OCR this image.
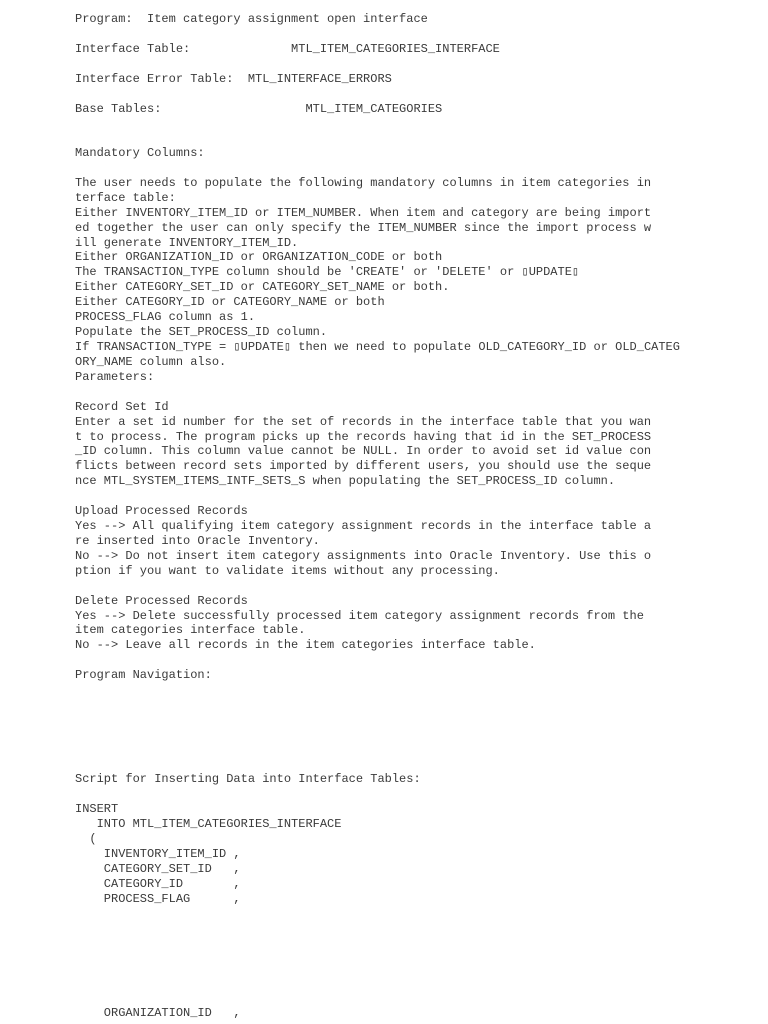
Program:  Item category assignment open interface
Interface Table:              MTL_ITEM_CATEGORIES_INTERFACE
Interface Error Table:  MTL_INTERFACE_ERRORS
Base Tables:                    MTL_ITEM_CATEGORIES
Mandatory Columns:
The user needs to populate the following mandatory columns in item categories in
terface table:
Either INVENTORY_ITEM_ID or ITEM_NUMBER. When item and category are being import
ed together the user can only specify the ITEM_NUMBER since the import process w
ill generate INVENTORY_ITEM_ID.
Either ORGANIZATION_ID or ORGANIZATION_CODE or both
The TRANSACTION_TYPE column should be 'CREATE' or 'DELETE' or ▯UPDATE▯
Either CATEGORY_SET_ID or CATEGORY_SET_NAME or both.
Either CATEGORY_ID or CATEGORY_NAME or both
PROCESS_FLAG column as 1.
Populate the SET_PROCESS_ID column.
If TRANSACTION_TYPE = ▯UPDATE▯ then we need to populate OLD_CATEGORY_ID or OLD_CATEG
ORY_NAME column also.
Parameters:
Record Set Id
Enter a set id number for the set of records in the interface table that you wan
t to process. The program picks up the records having that id in the SET_PROCESS
_ID column. This column value cannot be NULL. In order to avoid set id value con
flicts between record sets imported by different users, you should use the seque
nce MTL_SYSTEM_ITEMS_INTF_SETS_S when populating the SET_PROCESS_ID column.
Upload Processed Records
Yes --> All qualifying item category assignment records in the interface table a
re inserted into Oracle Inventory.
No --> Do not insert item category assignments into Oracle Inventory. Use this o
ption if you want to validate items without any processing.
Delete Processed Records
Yes --> Delete successfully processed item category assignment records from the
item categories interface table.
No --> Leave all records in the item categories interface table.
Program Navigation:
Script for Inserting Data into Interface Tables:
INSERT
INTO MTL_ITEM_CATEGORIES_INTERFACE
(
INVENTORY_ITEM_ID ,
CATEGORY_SET_ID   ,
CATEGORY_ID       ,
PROCESS_FLAG      ,
ORGANIZATION_ID   ,
